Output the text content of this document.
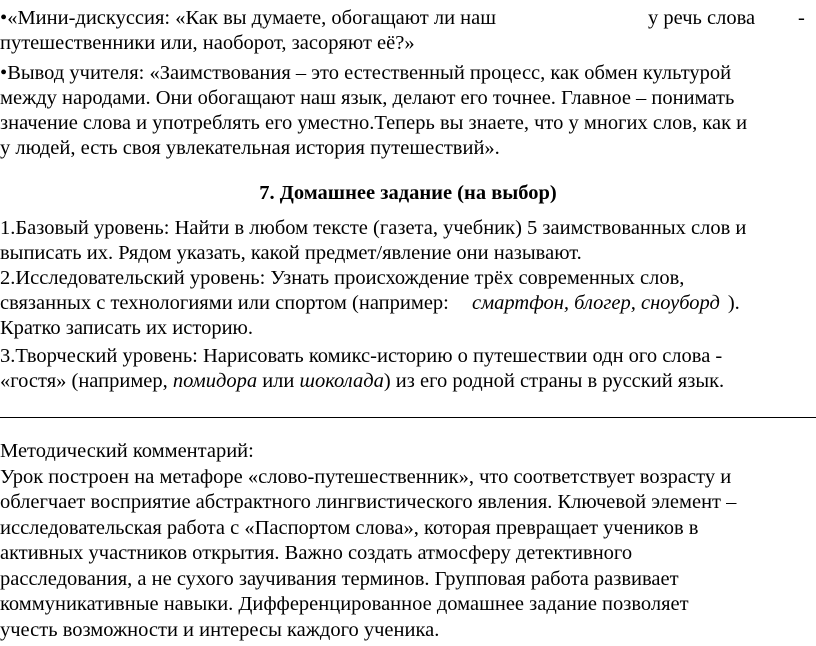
•«Мини-дискуссия: «Как вы думаете, обогащают ли наш	у речь слова -
путешественники или, наоборот, засоряют её?»
•Вывод учителя: «Заимствования – это естественный процесс, как обмен культурой
между народами. Они обогащают наш язык, делают его точнее. Главное – понимать
значение слова и употреблять его уместно.Теперь вы знаете, что у многих слов, как и
у людей, есть своя увлекательная история путешествий».
7. Домашнее задание (на выбор)
1.Базовый уровень: Найти в любом тексте (газета, учебник) 5 заимствованных слов и
выписать их. Рядом указать, какой предмет/явление они называют.
2.Исследовательский уровень: Узнать происхождение трёх современных слов,
связанных с технологиями или спортом (например: смартфон, блогер, сноуборд ).
Кратко записать их историю.
3.Творческий уровень: Нарисовать комикс-историю о путешествии одн ого слова -
«гостя» (например, помидора или шоколада) из его родной страны в русский язык.
Методический комментарий:
Урок построен на метафоре «слово-путешественник», что соответствует возрасту и
облегчает восприятие абстрактного лингвистического явления. Ключевой элемент –
исследовательская работа с «Паспортом слова», которая превращает учеников в
активных участников открытия. Важно создать атмосферу детективного
расследования, а не сухого заучивания терминов. Групповая работа развивает
коммуникативные навыки. Дифференцированное домашнее задание позволяет
учесть возможности и интересы каждого ученика.
